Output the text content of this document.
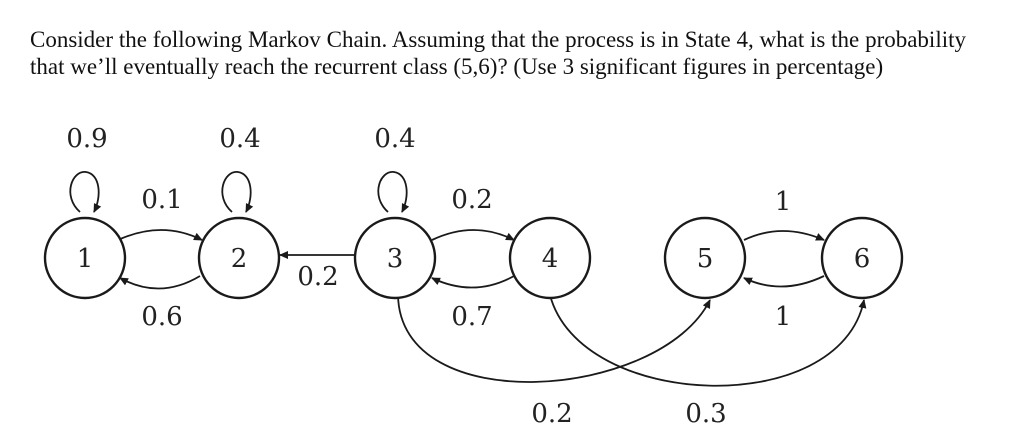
Consider the following Markov Chain. Assuming that the process is in State 4, what is the probability that we’ll eventually reach the recurrent class (5,6)? (Use 3 significant figures in percentage)

1	2	3	4	5	6
0.9	0.4	0.4
0.1
0.6
0.2
0.2
0.7
1
1
0.2	0.3
